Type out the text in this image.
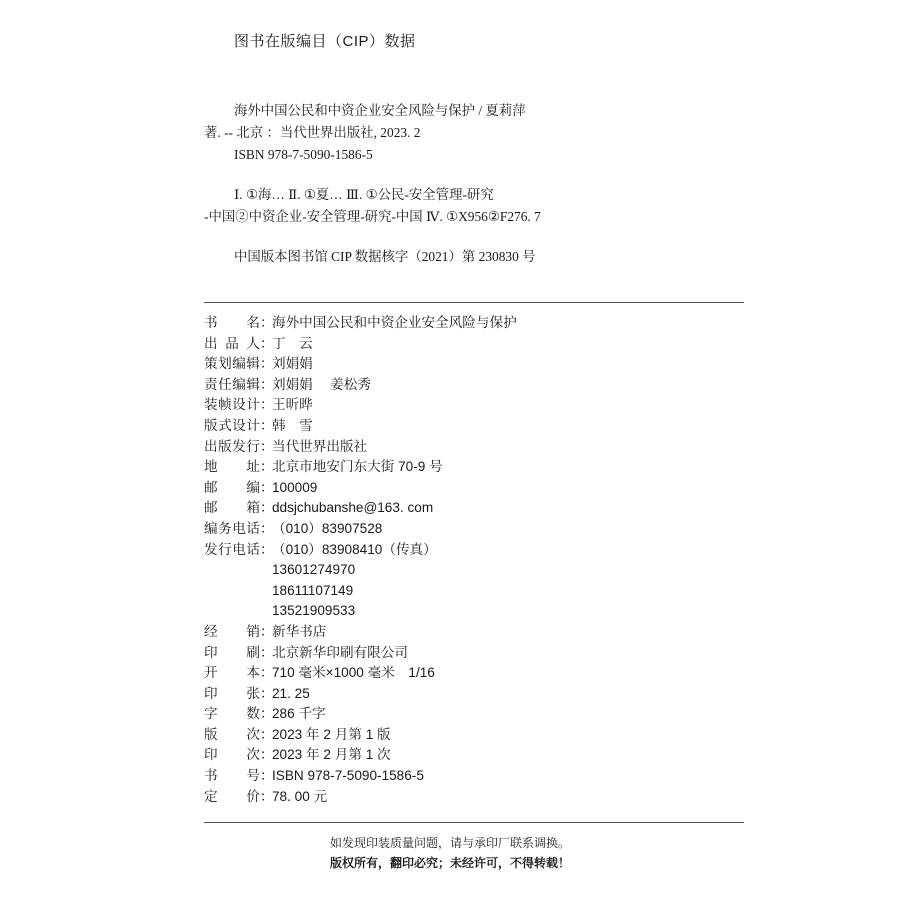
图书在版编目（CIP）数据
海外中国公民和中资企业安全风险与保护 / 夏莉萍
著. -- 北京 ：当代世界出版社, 2023. 2
ISBN 978-7-5090-1586-5
Ⅰ. ①海… Ⅱ. ①夏… Ⅲ. ①公民-安全管理-研究
-中国②中资企业-安全管理-研究-中国 Ⅳ. ①X956②F276. 7
中国版本图书馆 CIP 数据核字（2021）第 230830 号
书 名 ：
海外中国公民和中资企业安全风险与保护
出 品 人 ：
丁　云
策 划 编 辑 ：
刘娟娟
责 任 编 辑 ：
刘娟娟　 姜松秀
装 帧 设 计 ：
王昕晔
版 式 设 计 ：
韩　雪
出 版 发 行 ：
当代世界出版社
地 址 ：
北京市地安门东大街 70-9 号
邮 编 ：
100009
邮 箱 ：
ddsjchubanshe@163. com
编 务 电 话 ：
（010）83907528
发 行 电 话 ：
（010）83908410（传真）
13601274970
18611107149
13521909533
经 销 ：
新华书店
印 刷 ：
北京新华印刷有限公司
开 本 ：
710 毫米×1000 毫米　1/16
印 张 ：
21. 25
字 数 ：
286 千字
版 次 ：
2023 年 2 月第 1 版
印 次 ：
2023 年 2 月第 1 次
书 号 ：
ISBN 978-7-5090-1586-5
定 价 ：
78. 00 元
如发现印装质量问题，请与承印厂联系调换。
版权所有，翻印必究；未经许可，不得转载！
